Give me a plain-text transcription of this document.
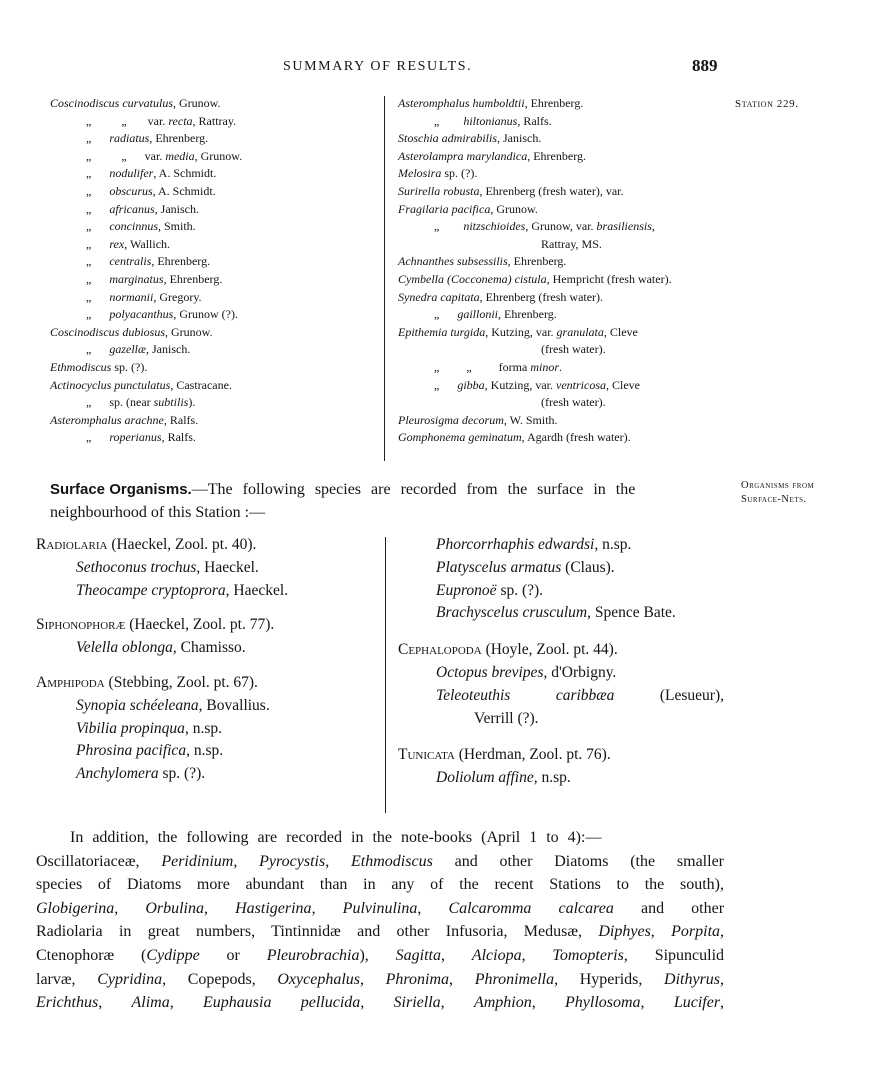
SUMMARY OF RESULTS.	889
Station 229.
Coscinodiscus curvatulus, Grunow.
„          „       var. recta, Rattray.
„      radiatus, Ehrenberg.
„          „      var. media, Grunow.
„      nodulifer, A. Schmidt.
„      obscurus, A. Schmidt.
„      africanus, Janisch.
„      concinnus, Smith.
„      rex, Wallich.
„      centralis, Ehrenberg.
„      marginatus, Ehrenberg.
„      normanii, Gregory.
„      polyacanthus, Grunow (?).
Coscinodiscus dubiosus, Grunow.
„      gazellæ, Janisch.
Ethmodiscus sp. (?).
Actinocyclus punctulatus, Castracane.
„      sp. (near subtilis).
Asteromphalus arachne, Ralfs.
„      roperianus, Ralfs.
Asteromphalus humboldtii, Ehrenberg.
„        hiltonianus, Ralfs.
Stoschia admirabilis, Janisch.
Asterolampra marylandica, Ehrenberg.
Melosira sp. (?).
Surirella robusta, Ehrenberg (fresh water), var.
Fragilaria pacifica, Grunow.
„        nitzschioides, Grunow, var. brasiliensis,
Rattray, MS.
Achnanthes subsessilis, Ehrenberg.
Cymbella (Cocconema) cistula, Hempricht (fresh water).
Synedra capitata, Ehrenberg (fresh water).
„      gaillonii, Ehrenberg.
Epithemia turgida, Kutzing, var. granulata, Cleve
(fresh water).
„         „         forma minor.
„      gibba, Kutzing, var. ventricosa, Cleve
(fresh water).
Pleurosigma decorum, W. Smith.
Gomphonema geminatum, Agardh (fresh water).
Surface Organisms.—The following species are recorded from the surface in the
neighbourhood of this Station :—
Organisms from
Surface-Nets.
Radiolaria (Haeckel, Zool. pt. 40).
Sethoconus trochus, Haeckel.
Theocampe cryptoprora, Haeckel.
Siphonophoræ (Haeckel, Zool. pt. 77).
Velella oblonga, Chamisso.
Amphipoda (Stebbing, Zool. pt. 67).
Synopia schéeleana, Bovallius.
Vibilia propinqua, n.sp.
Phrosina pacifica, n.sp.
Anchylomera sp. (?).
Phorcorrhaphis edwardsi, n.sp.
Platyscelus armatus (Claus).
Eupronoë sp. (?).
Brachyscelus crusculum, Spence Bate.
Cephalopoda (Hoyle, Zool. pt. 44).
Octopus brevipes, d'Orbigny.
Teleoteuthis	caribbæa	(Lesueur),
Verrill (?).
Tunicata (Herdman, Zool. pt. 76).
Doliolum affine, n.sp.
In addition, the following are recorded in the note-books (April 1 to 4):—
Oscillatoriaceæ, Peridinium, Pyrocystis, Ethmodiscus and other Diatoms (the smaller
species of Diatoms more abundant than in any of the recent Stations to the south),
Globigerina, Orbulina, Hastigerina, Pulvinulina, Calcaromma calcarea and other
Radiolaria in great numbers, Tintinnidæ and other Infusoria, Medusæ, Diphyes, Porpita,
Ctenophoræ (Cydippe or Pleurobrachia), Sagitta, Alciopa, Tomopteris, Sipunculid
larvæ, Cypridina, Copepods, Oxycephalus, Phronima, Phronimella, Hyperids, Dithyrus,
Erichthus, Alima, Euphausia pellucida, Siriella, Amphion, Phyllosoma, Lucifer,
